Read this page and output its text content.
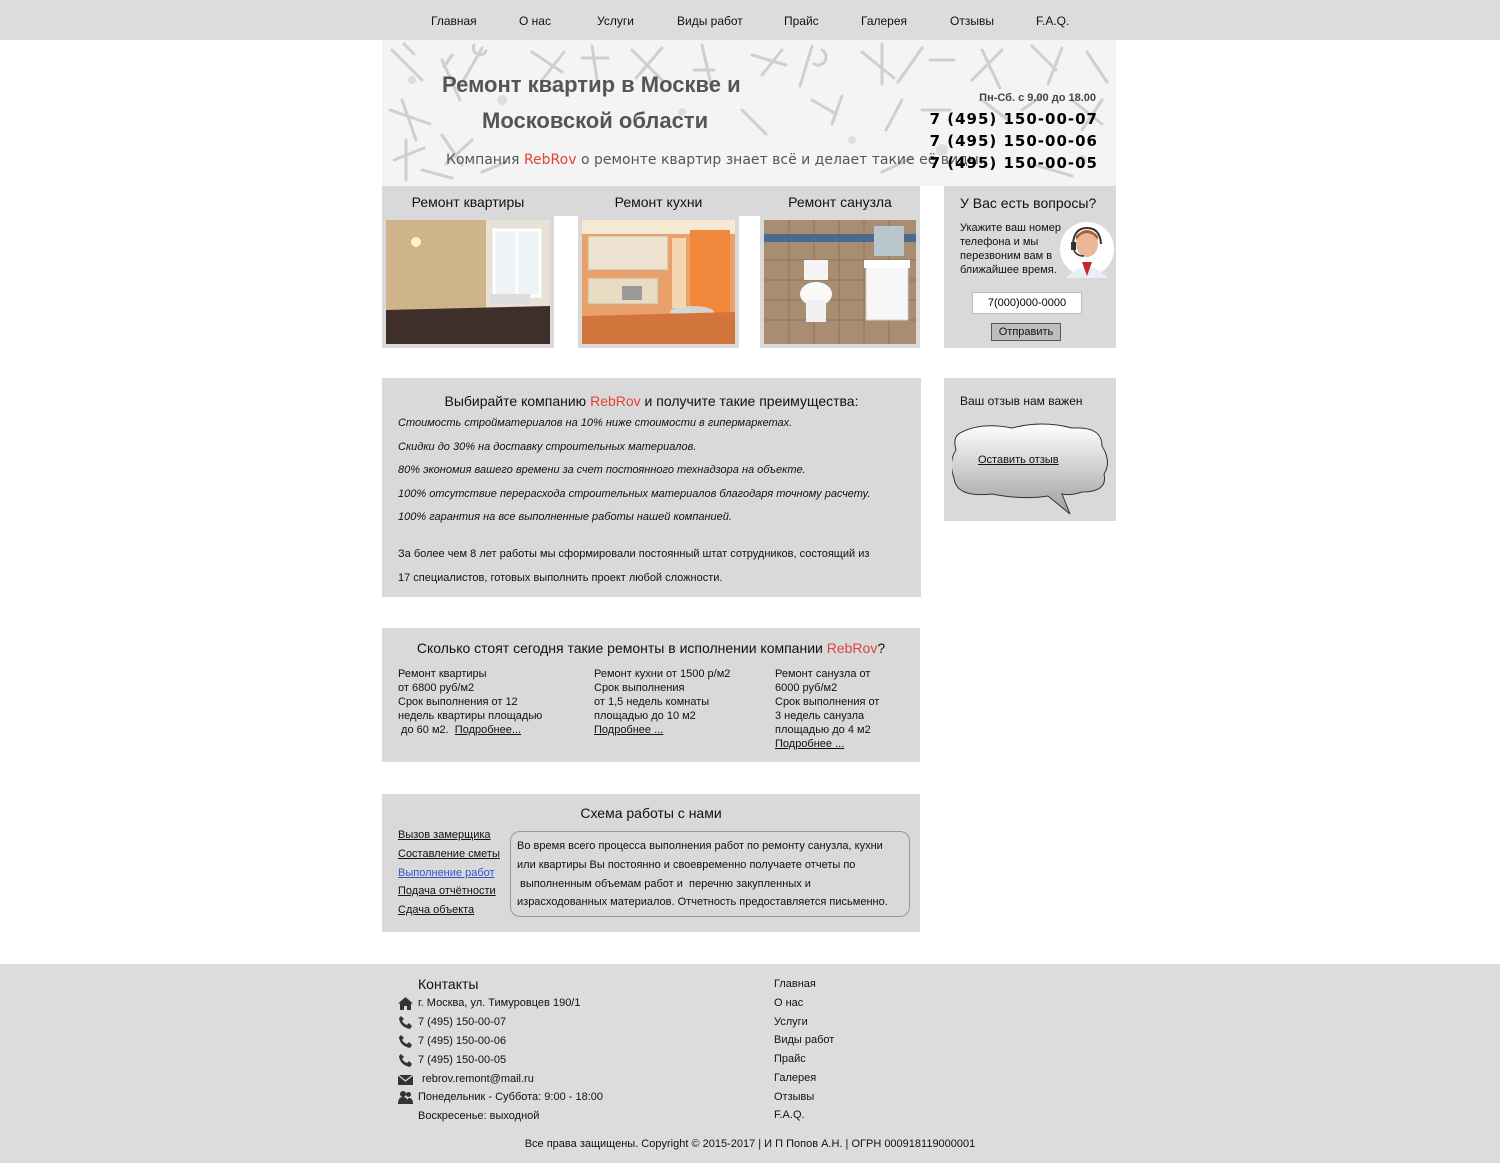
Главная	О нас	Услуги	Виды работ	Прайс	Галерея	Отзывы	F.A.Q.
Ремонт квартир в Москве и
Московской области
Компания RebRov о ремонте квартир знает всё и делает такие её виды:
Пн-Сб. с 9.00 до 18.00
7 (495) 150-00-07
7 (495) 150-00-06
7 (495) 150-00-05
Ремонт квартиры	Ремонт кухни	Ремонт санузла	У Вас есть вопросы?
Укажите ваш номер телефона и мы перезвоним вам в ближайшее время.
7(000)000-0000
Отправить
Выбирайте компанию RebRov и получите такие преимущества:
Стоимость стройматериалов на 10% ниже стоимости в гипермаркетах.
Скидки до 30% на доставку строительных материалов.
80% экономия вашего времени за счет постоянного технадзора на объекте.
100% отсутствие перерасхода строительных материалов благодаря точному расчету.
100% гарантия на все выполненные работы нашей компанией.
За более чем 8 лет работы мы сформировали постоянный штат сотрудников, состоящий из
17 специалистов, готовых выполнить проект любой сложности.
Ваш отзыв нам важен
Оставить отзыв
Сколько стоят сегодня такие ремонты в исполнении компании RebRov?
Ремонт квартиры
от 6800 руб/м2
Срок выполнения от 12
недель квартиры площадью
до 60 м2.  Подробнее...
Ремонт кухни от 1500 р/м2
Срок выполнения
от 1,5 недель комнаты
площадью до 10 м2
Подробнее ...
Ремонт санузла от
6000 руб/м2
Срок выполнения от
3 недель санузла
площадью до 4 м2
Подробнее ...
Схема работы с нами
Вызов замерщика
Составление сметы
Выполнение работ
Подача отчётности
Сдача объекта

Во время всего процесса выполнения работ по ремонту санузла, кухни

или квартиры Вы постоянно и своевременно получаете отчеты по

выполненным объемам работ и  перечню закупленных и

израсходованных материалов. Отчетность предоставляется письменно.

Контакты
г. Москва, ул. Тимуровцев 190/1
7 (495) 150-00-07
7 (495) 150-00-06
7 (495) 150-00-05
rebrov.remont@mail.ru
Понедельник - Суббота: 9:00 - 18:00
Воскресенье: выходной
Главная
О нас
Услуги
Виды работ
Прайс
Галерея
Отзывы
F.A.Q.
Все права защищены. Copyright © 2015-2017 | И П Попов А.Н. | ОГРН 000918119000001
